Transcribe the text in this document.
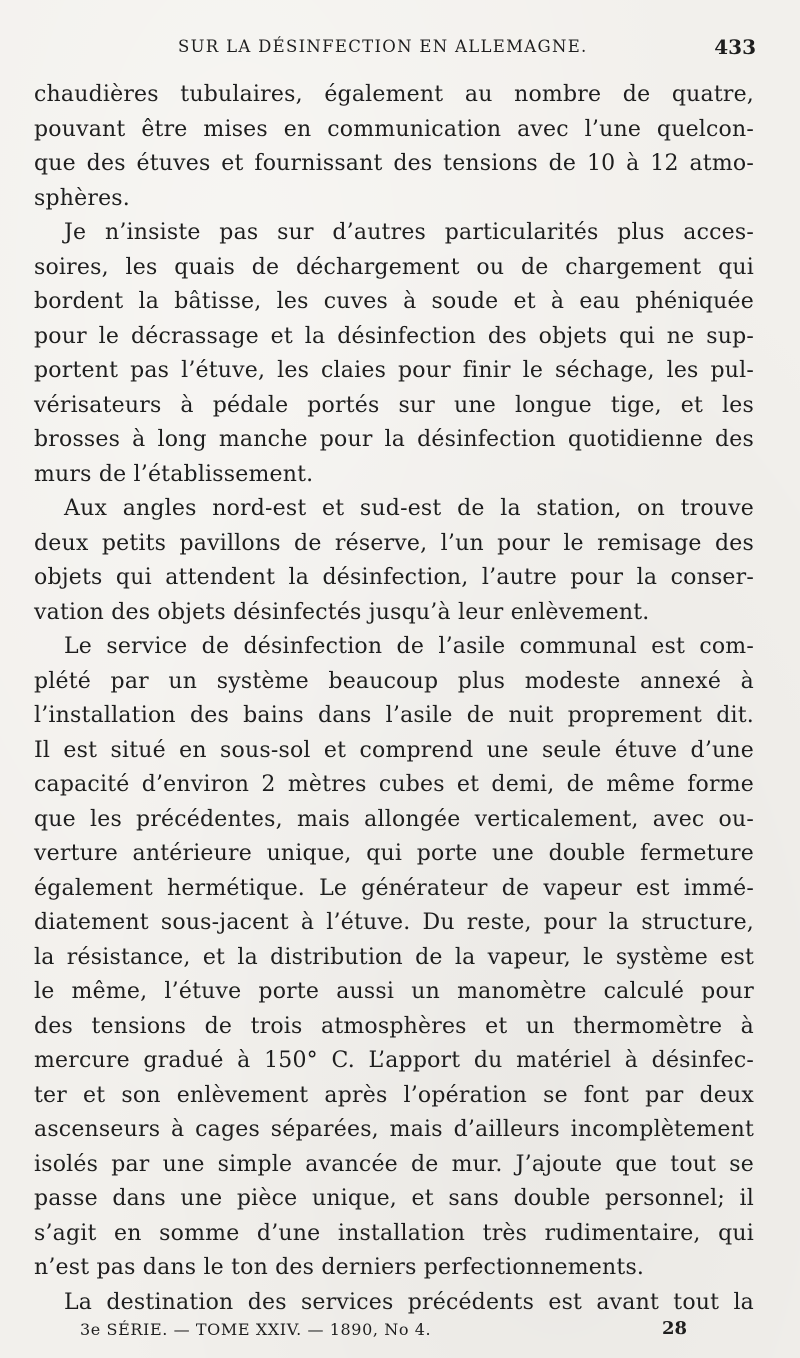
SUR LA DÉSINFECTION EN ALLEMAGNE.	433
chaudières tubulaires, également au nombre de quatre,
pouvant être mises en communication avec l’une quelcon-
que des étuves et fournissant des tensions de 10 à 12 atmo-
sphères.
Je n’insiste pas sur d’autres particularités plus acces-
soires, les quais de déchargement ou de chargement qui
bordent la bâtisse, les cuves à soude et à eau phéniquée
pour le décrassage et la désinfection des objets qui ne sup-
portent pas l’étuve, les claies pour finir le séchage, les pul-
vérisateurs à pédale portés sur une longue tige, et les
brosses à long manche pour la désinfection quotidienne des
murs de l’établissement.
Aux angles nord-est et sud-est de la station, on trouve
deux petits pavillons de réserve, l’un pour le remisage des
objets qui attendent la désinfection, l’autre pour la conser-
vation des objets désinfectés jusqu’à leur enlèvement.
Le service de désinfection de l’asile communal est com-
plété par un système beaucoup plus modeste annexé à
l’installation des bains dans l’asile de nuit proprement dit.
Il est situé en sous-sol et comprend une seule étuve d’une
capacité d’environ 2 mètres cubes et demi, de même forme
que les précédentes, mais allongée verticalement, avec ou-
verture antérieure unique, qui porte une double fermeture
également hermétique. Le générateur de vapeur est immé-
diatement sous-jacent à l’étuve. Du reste, pour la structure,
la résistance, et la distribution de la vapeur, le système est
le même, l’étuve porte aussi un manomètre calculé pour
des tensions de trois atmosphères et un thermomètre à
mercure gradué à 150° C. L’apport du matériel à désinfec-
ter et son enlèvement après l’opération se font par deux
ascenseurs à cages séparées, mais d’ailleurs incomplètement
isolés par une simple avancée de mur. J’ajoute que tout se
passe dans une pièce unique, et sans double personnel; il
s’agit en somme d’une installation très rudimentaire, qui
n’est pas dans le ton des derniers perfectionnements.
La destination des services précédents est avant tout la
3e SÉRIE. — TOME XXIV. — 1890, No 4.	28
